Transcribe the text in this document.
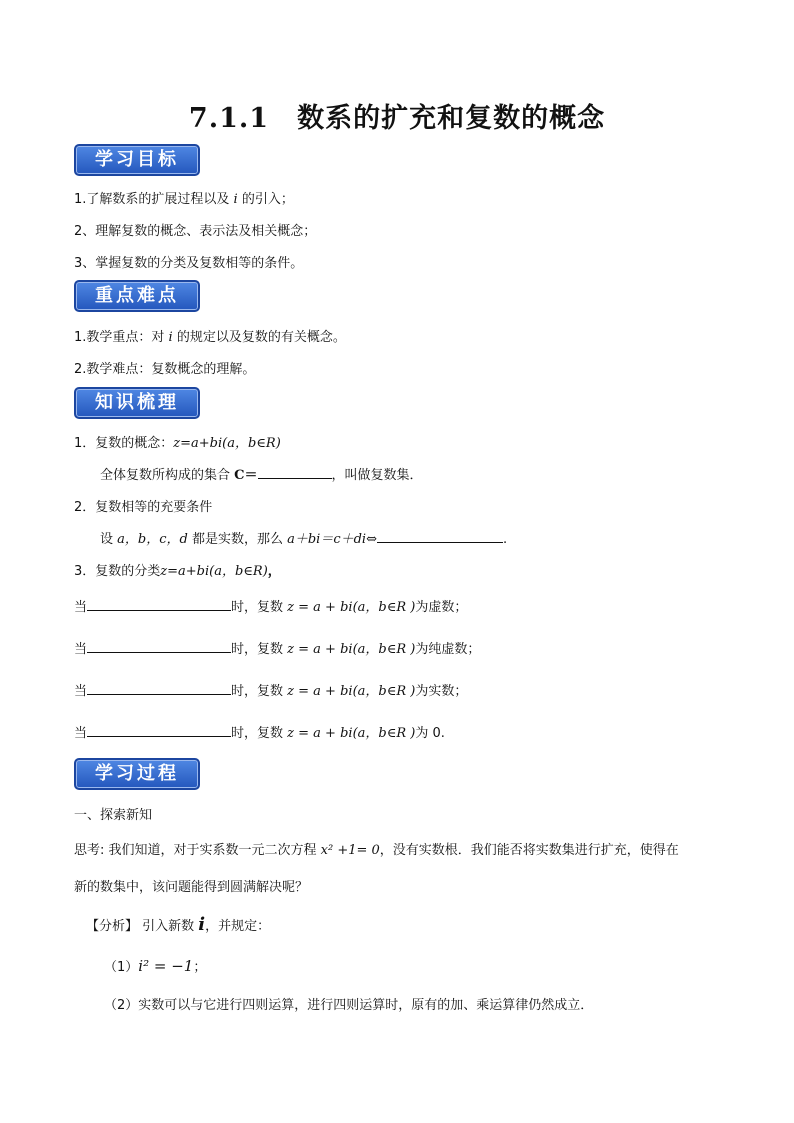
7.1.1　数系的扩充和复数的概念
学习目标
1.了解数系的扩展过程以及 i 的引入；
2、理解复数的概念、表示法及相关概念；
3、掌握复数的分类及复数相等的条件。
重点难点
1.教学重点：对 i 的规定以及复数的有关概念。
2.教学难点：复数概念的理解。
知识梳理
1．复数的概念：z=a+bi(a，b∈R)
全体复数所构成的集合 C＝	，叫做复数集．
2．复数相等的充要条件
设 a，b，c，d 都是实数，那么 a＋bi＝c＋di⇔	.
3．复数的分类z=a+bi(a，b∈R)，
当	时，复数 z = a + bi(a，b∈R )为虚数；
当	时，复数 z = a + bi(a，b∈R )为纯虚数；
当	时，复数 z = a + bi(a，b∈R )为实数；
当	时，复数 z = a + bi(a，b∈R )为 0.
学习过程
一、探索新知
思考: 我们知道，对于实系数一元二次方程 x² +1= 0，没有实数根．我们能否将实数集进行扩充，使得在
新的数集中，该问题能得到圆满解决呢？
【分析】 引入新数 i，并规定：
（1）i² = −1；
（2）实数可以与它进行四则运算，进行四则运算时，原有的加、乘运算律仍然成立．
